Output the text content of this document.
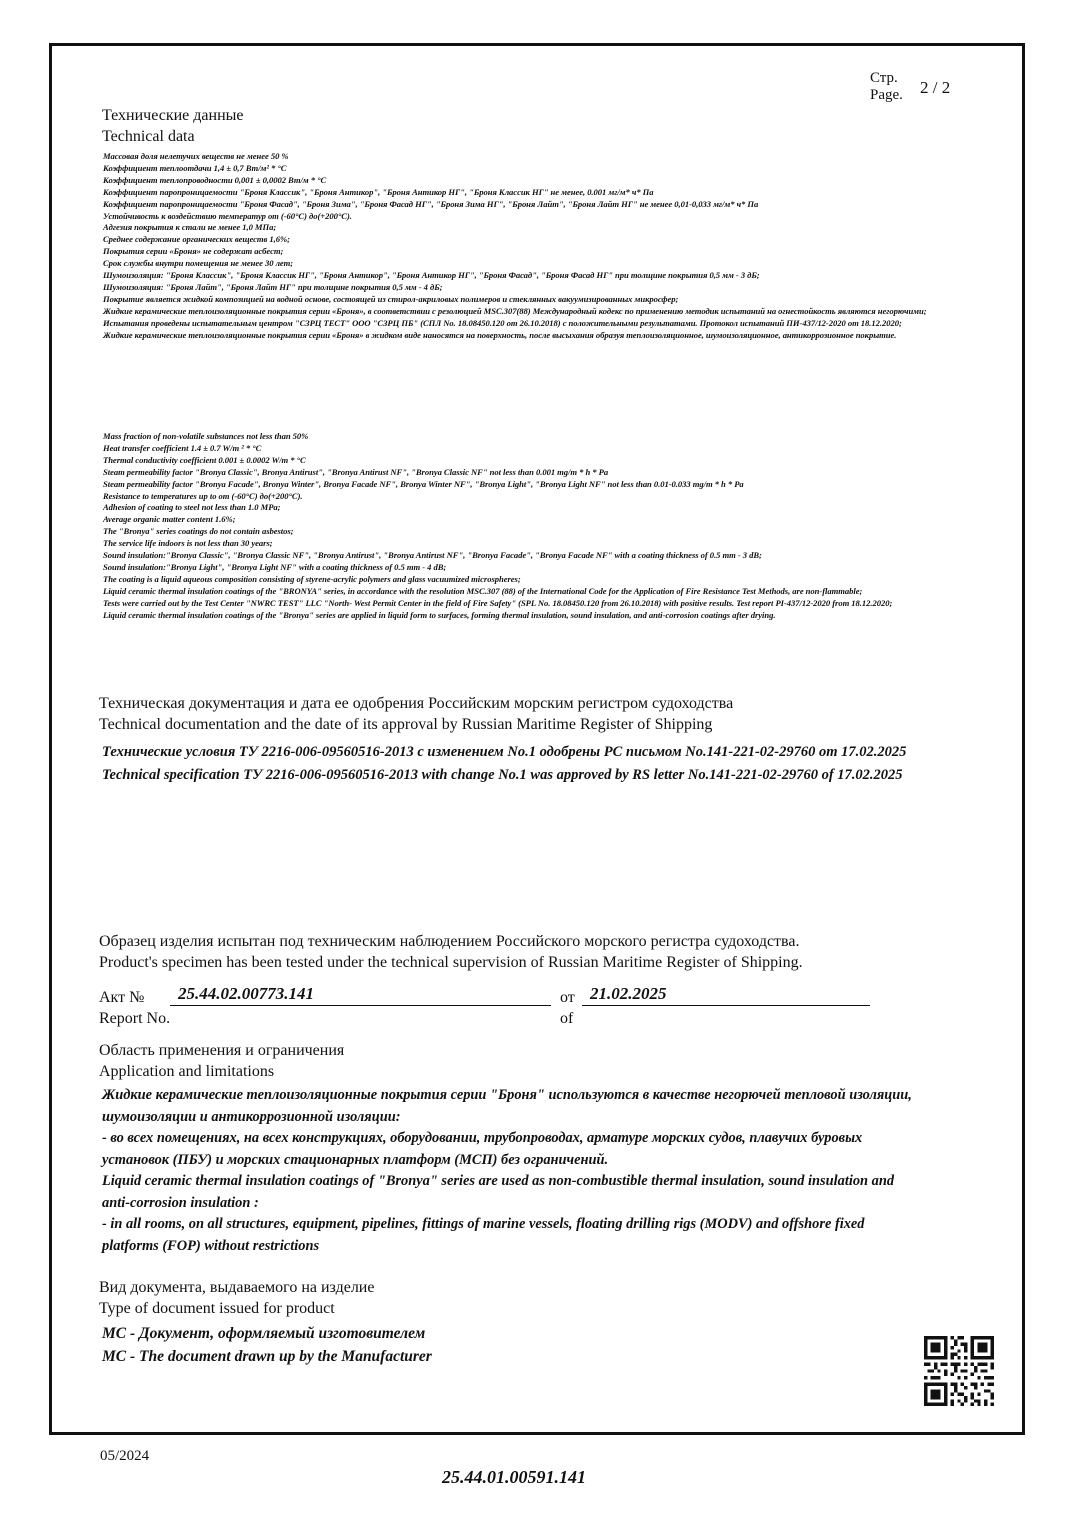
Стр.
Page. 2 / 2
Технические данные
Technical data
Массовая доля нелетучих веществ не менее 50 %
Коэффициент теплоотдачи 1,4 ± 0,7 Вт/м² * °С
Коэффициент теплопроводности 0,001 ± 0,0002 Вт/м * °С
Коэффициент паропроницаемости "Броня Классик", "Броня Антикор", "Броня Антикор НГ", "Броня Классик НГ" не менее, 0.001 мг/м* ч* Па
Коэффициент паропроницаемости "Броня Фасад", "Броня Зима", "Броня Фасад НГ", "Броня Зима НГ", "Броня Лайт", "Броня Лайт НГ" не менее 0,01-0,033 мг/м* ч* Па
Устойчивость к воздействию температур от (-60°С) до(+200°С).
Адгезия покрытия к стали не менее 1,0 МПа;
Среднее содержание органических веществ 1,6%;
Покрытия серии «Броня» не содержат асбест;
Срок службы внутри помещения не менее 30 лет;
Шумоизоляция: "Броня Классик", "Броня Классик НГ", "Броня Антикор", "Броня Антикор НГ", "Броня Фасад", "Броня Фасад НГ" при толщине покрытия 0,5 мм - 3 дБ;
Шумоизоляция: "Броня Лайт", "Броня Лайт НГ" при толщине покрытия 0,5 мм - 4 дБ;
Покрытие является жидкой композицией на водной основе, состоящей из стирол-акриловых полимеров и стеклянных вакуумизированных микросфер;
Жидкие керамические теплоизоляционные покрытия серии «Броня», в соответствии с резолюцией MSC.307(88) Международный кодекс по применению методик испытаний на огнестойкость являются негорючими;
Испытания проведены испытательным центром "СЗРЦ ТЕСТ" ООО "СЗРЦ ПБ" (СПЛ No. 18.08450.120 от 26.10.2018) с положительными результатами. Протокол испытаний ПИ-437/12-2020 от 18.12.2020;
Жидкие керамические теплоизоляционные покрытия серии «Броня» в жидком виде наносятся на поверхность, после высыхания образуя теплоизоляционное, шумоизоляционное, антикоррозионное покрытие.
Mass fraction of non-volatile substances not less than 50%
Heat transfer coefficient 1.4 ± 0.7 W/m ² * °C
Thermal conductivity coefficient 0.001 ± 0.0002 W/m * °C
Steam permeability factor "Bronya Classic", Bronya Antirust", "Bronya Antirust NF", "Bronya Classic NF" not less than 0.001 mg/m * h * Pa
Steam permeability factor "Bronya Facade", Bronya Winter", Bronya Facade NF", Bronya Winter NF", "Bronya Light", "Bronya Light NF" not less than 0.01-0.033 mg/m * h * Pa
Resistance to temperatures up to от (-60°C) до(+200°C).
Adhesion of coating to steel not less than 1.0 MPa;
Average organic matter content 1.6%;
The "Bronya" series coatings do not contain asbestos;
The service life indoors is not less than 30 years;
Sound insulation:"Bronya Classic", "Bronya Classic NF", "Bronya Antirust", "Bronya Antirust NF", "Bronya Facade", "Bronya Facade NF" with a coating thickness of 0.5 mm - 3 dB;
Sound insulation:"Bronya Light", "Bronya Light NF" with a coating thickness of 0.5 mm - 4 dB;
The coating is a liquid aqueous composition consisting of styrene-acrylic polymers and glass vacuumized microspheres;
Liquid ceramic thermal insulation coatings of the "BRONYA" series, in accordance with the resolution MSC.307 (88) of the International Code for the Application of Fire Resistance Test Methods, are non-flammable;
Tests were carried out by the Test Center "NWRC TEST" LLC "North- West Permit Center in the field of Fire Safety" (SPL No. 18.08450.120 from 26.10.2018) with positive results. Test report PI-437/12-2020 from 18.12.2020;
Liquid ceramic thermal insulation coatings of the "Bronya" series are applied in liquid form to surfaces, forming thermal insulation, sound insulation, and anti-corrosion coatings after drying.
Техническая документация и дата ее одобрения Российским морским регистром судоходства
Technical documentation and the date of its approval by Russian Maritime Register of Shipping
Технические условия ТУ 2216-006-09560516-2013 с изменением No.1 одобрены РС письмом No.141-221-02-29760 от 17.02.2025
Technical specification ТУ 2216-006-09560516-2013 with change No.1 was approved by RS letter No.141-221-02-29760 of 17.02.2025
Образец изделия испытан под техническим наблюдением Российского морского регистра судоходства.
Product's specimen has been tested under the technical supervision of Russian Maritime Register of Shipping.
Акт №
Report No.
25.44.02.00773.141	от
of
21.02.2025
Область применения и ограничения
Application and limitations
Жидкие керамические теплоизоляционные покрытия серии "Броня" используются в качестве негорючей тепловой изоляции,
шумоизоляции и антикоррозионной изоляции:
- во всех помещениях, на всех конструкциях, оборудовании, трубопроводах, арматуре морских судов, плавучих буровых
установок (ПБУ) и морских стационарных платформ (МСП) без ограничений.
Liquid ceramic thermal insulation coatings of "Bronya" series are used as non-combustible thermal insulation, sound insulation and
anti-corrosion insulation :
- in all rooms, on all structures, equipment, pipelines, fittings of marine vessels, floating drilling rigs (MODV) and offshore fixed
platforms (FOP) without restrictions
Вид документа, выдаваемого на изделие
Type of document issued for product
МС - Документ, оформляемый изготовителем
MC - The document drawn up by the Manufacturer
05/2024
25.44.01.00591.141
